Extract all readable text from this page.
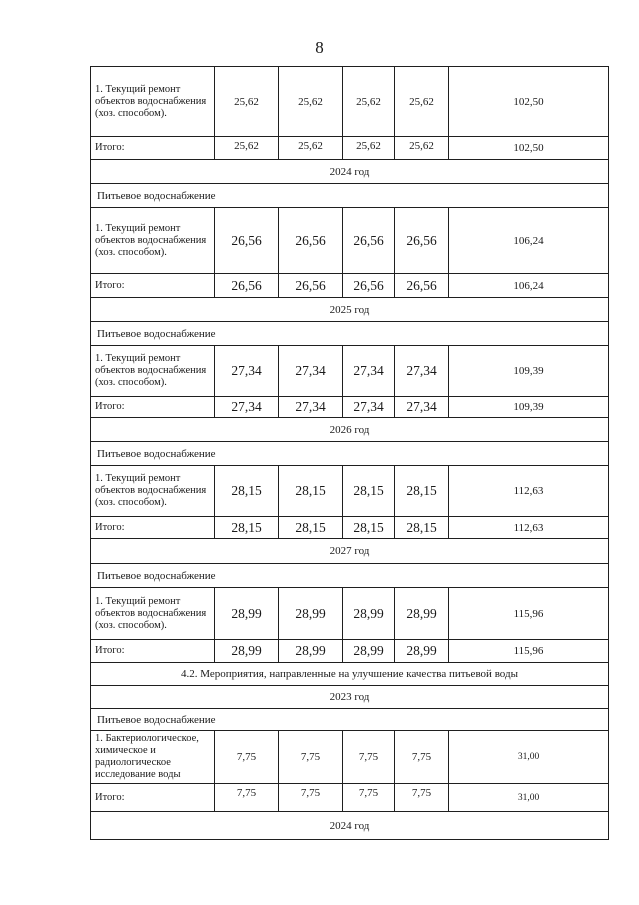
8
1. Текущий ремонт объектов водоснабжения (хоз. способом).	25,62	25,62	25,62	25,62	102,50
Итого:	25,62	25,62	25,62	25,62	102,50
2024 год					
Питьевое водоснабжение					
1. Текущий ремонт объектов водоснабжения (хоз. способом).	26,56	26,56	26,56	26,56	106,24
Итого:	26,56	26,56	26,56	26,56	106,24
2025 год					
Питьевое водоснабжение					
1. Текущий ремонт объектов водоснабжения (хоз. способом).	27,34	27,34	27,34	27,34	109,39
Итого:	27,34	27,34	27,34	27,34	109,39
2026 год					
Питьевое водоснабжение					
1. Текущий ремонт объектов водоснабжения (хоз. способом).	28,15	28,15	28,15	28,15	112,63
Итого:	28,15	28,15	28,15	28,15	112,63
2027 год					
Питьевое водоснабжение					
1. Текущий ремонт объектов водоснабжения (хоз. способом).	28,99	28,99	28,99	28,99	115,96
Итого:	28,99	28,99	28,99	28,99	115,96
4.2. Мероприятия, направленные на улучшение качества питьевой воды					
2023 год					
Питьевое водоснабжение					
1. Бактериологическое, химическое и радиологическое исследование воды	7,75	7,75	7,75	7,75	31,00
Итого:	7,75	7,75	7,75	7,75	31,00
2024 год					
